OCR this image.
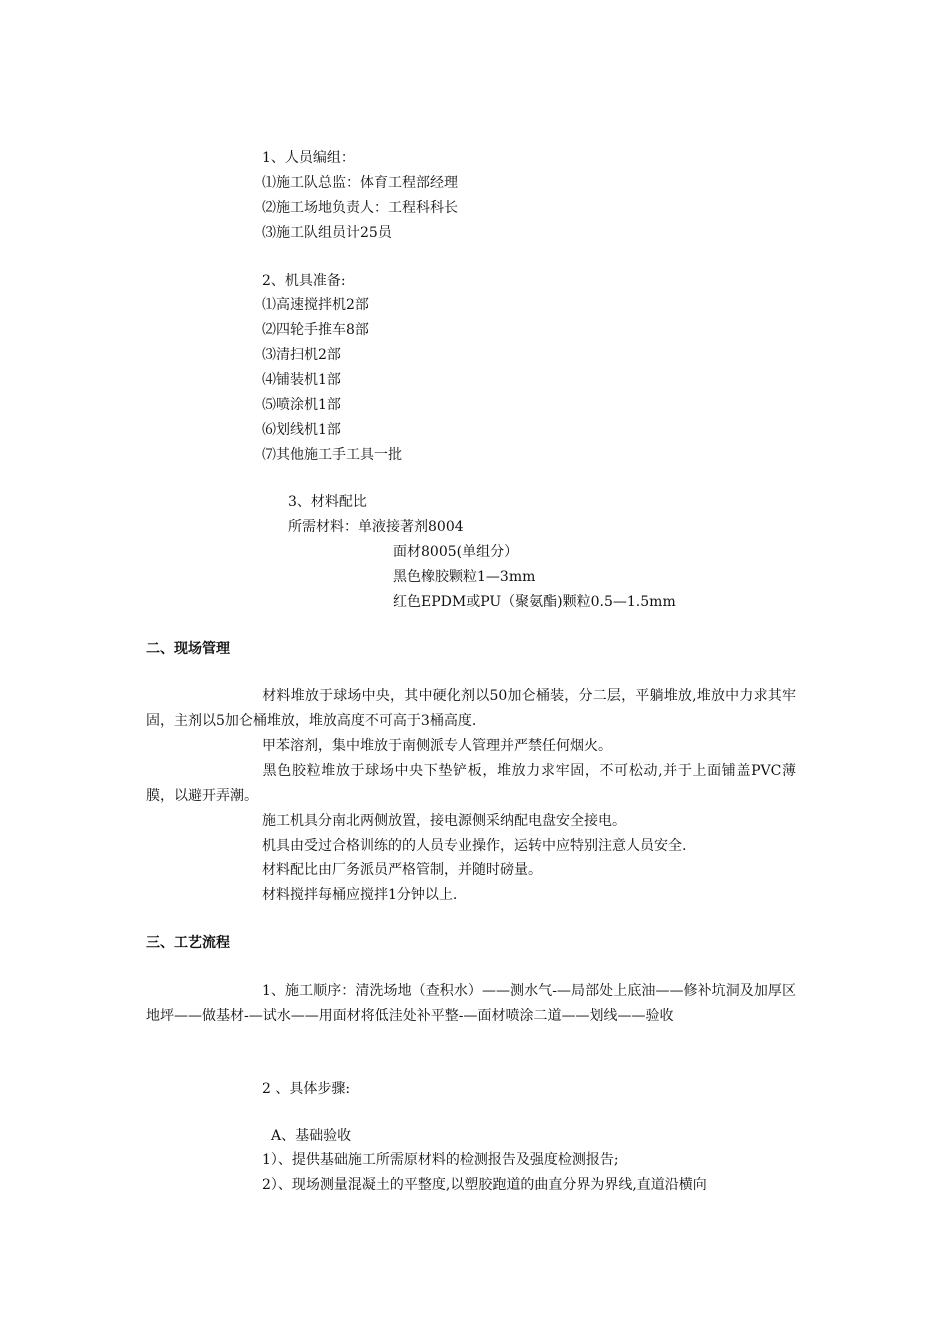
1、人员编组：
⑴施工队总监：体育工程部经理
⑵施工场地负责人：工程科科长
⑶施工队组员计25员
2、机具准备:
⑴高速搅拌机2部
⑵四轮手推车8部
⑶清扫机2部
⑷铺装机1部
⑸喷涂机1部
⑹划线机1部
⑺其他施工手工具一批
3、材料配比
所需材料：单液接著剂8004
面材8005(单组分）
黑色橡胶颗粒1—3mm
红色EPDM或PU（聚氨酯)颗粒0.5—1.5mm
二、现场管理
材料堆放于球场中央，其中硬化剂以50加仑桶装，分二层，平躺堆放,堆放中力求其牢固，主剂以5加仑桶堆放，堆放高度不可高于3桶高度.
甲苯溶剂，集中堆放于南侧派专人管理并严禁任何烟火。
黑色胶粒堆放于球场中央下垫铲板，堆放力求牢固，不可松动,并于上面铺盖PVC薄膜，以避开弄潮。
施工机具分南北两侧放置，接电源侧采纳配电盘安全接电。
机具由受过合格训练的的人员专业操作，运转中应特别注意人员安全.
材料配比由厂务派员严格管制，并随时磅量。
材料搅拌每桶应搅拌1分钟以上.
三、工艺流程
1、施工顺序：清洗场地（查积水）——测水气-—局部处上底油——修补坑洞及加厚区地坪——做基材-—试水——用面材将低洼处补平整-—面材喷涂二道——划线——验收
2 、具体步骤:
A、基础验收
1）、提供基础施工所需原材料的检测报告及强度检测报告;
2）、现场测量混凝土的平整度,以塑胶跑道的曲直分界为界线,直道沿横向
